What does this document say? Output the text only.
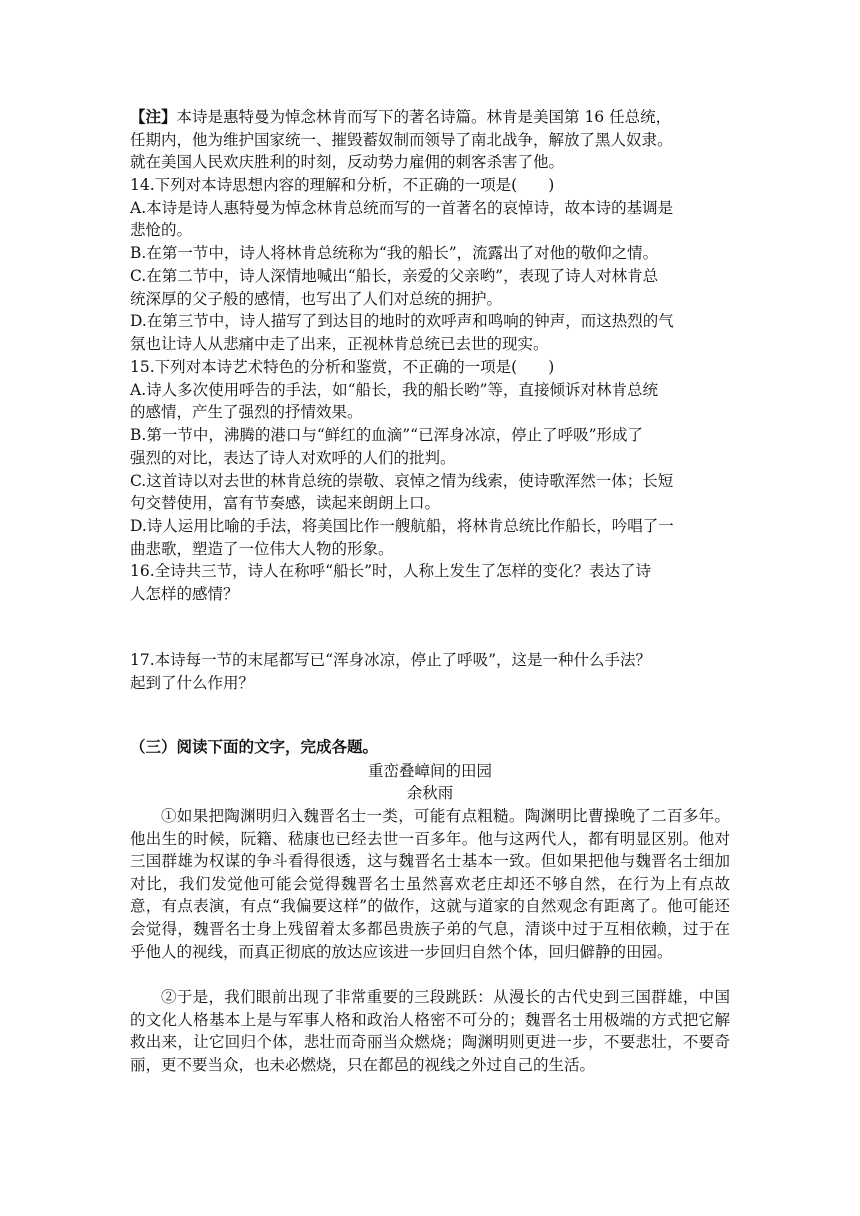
【注】本诗是惠特曼为悼念林肯而写下的著名诗篇。林肯是美国第 16 任总统，
任期内，他为维护国家统一、摧毁蓄奴制而领导了南北战争，解放了黑人奴隶。
就在美国人民欢庆胜利的时刻，反动势力雇佣的刺客杀害了他。
14.下列对本诗思想内容的理解和分析，不正确的一项是(　　)
A.本诗是诗人惠特曼为悼念林肯总统而写的一首著名的哀悼诗，故本诗的基调是
悲怆的。
B.在第一节中，诗人将林肯总统称为“我的船长”，流露出了对他的敬仰之情。
C.在第二节中，诗人深情地喊出“船长，亲爱的父亲哟”，表现了诗人对林肯总
统深厚的父子般的感情，也写出了人们对总统的拥护。
D.在第三节中，诗人描写了到达目的地时的欢呼声和鸣响的钟声，而这热烈的气
氛也让诗人从悲痛中走了出来，正视林肯总统已去世的现实。
15.下列对本诗艺术特色的分析和鉴赏，不正确的一项是(　　)
A.诗人多次使用呼告的手法，如“船长，我的船长哟”等，直接倾诉对林肯总统
的感情，产生了强烈的抒情效果。
B.第一节中，沸腾的港口与“鲜红的血滴”“已浑身冰凉，停止了呼吸”形成了
强烈的对比，表达了诗人对欢呼的人们的批判。
C.这首诗以对去世的林肯总统的崇敬、哀悼之情为线索，使诗歌浑然一体；长短
句交替使用，富有节奏感，读起来朗朗上口。
D.诗人运用比喻的手法，将美国比作一艘航船，将林肯总统比作船长，吟唱了一
曲悲歌，塑造了一位伟大人物的形象。
16.全诗共三节，诗人在称呼“船长”时，人称上发生了怎样的变化？表达了诗
人怎样的感情？
17.本诗每一节的末尾都写已“浑身冰凉，停止了呼吸”，这是一种什么手法？
起到了什么作用？
（三）阅读下面的文字，完成各题。
重峦叠嶂间的田园
余秋雨
①如果把陶渊明归入魏晋名士一类，可能有点粗糙。陶渊明比曹操晚了二百多年。他出生的时候，阮籍、嵇康也已经去世一百多年。他与这两代人，都有明显区别。他对三国群雄为权谋的争斗看得很透，这与魏晋名士基本一致。但如果把他与魏晋名士细加对比，我们发觉他可能会觉得魏晋名士虽然喜欢老庄却还不够自然，在行为上有点故意，有点表演，有点“我偏要这样”的做作，这就与道家的自然观念有距离了。他可能还会觉得，魏晋名士身上残留着太多都邑贵族子弟的气息，清谈中过于互相依赖，过于在乎他人的视线，而真正彻底的放达应该进一步回归自然个体，回归僻静的田园。
②于是，我们眼前出现了非常重要的三段跳跃：从漫长的古代史到三国群雄，中国的文化人格基本上是与军事人格和政治人格密不可分的；魏晋名士用极端的方式把它解救出来，让它回归个体，悲壮而奇丽当众燃烧；陶渊明则更进一步，不要悲壮，不要奇丽，更不要当众，也未必燃烧，只在都邑的视线之外过自己的生活。
